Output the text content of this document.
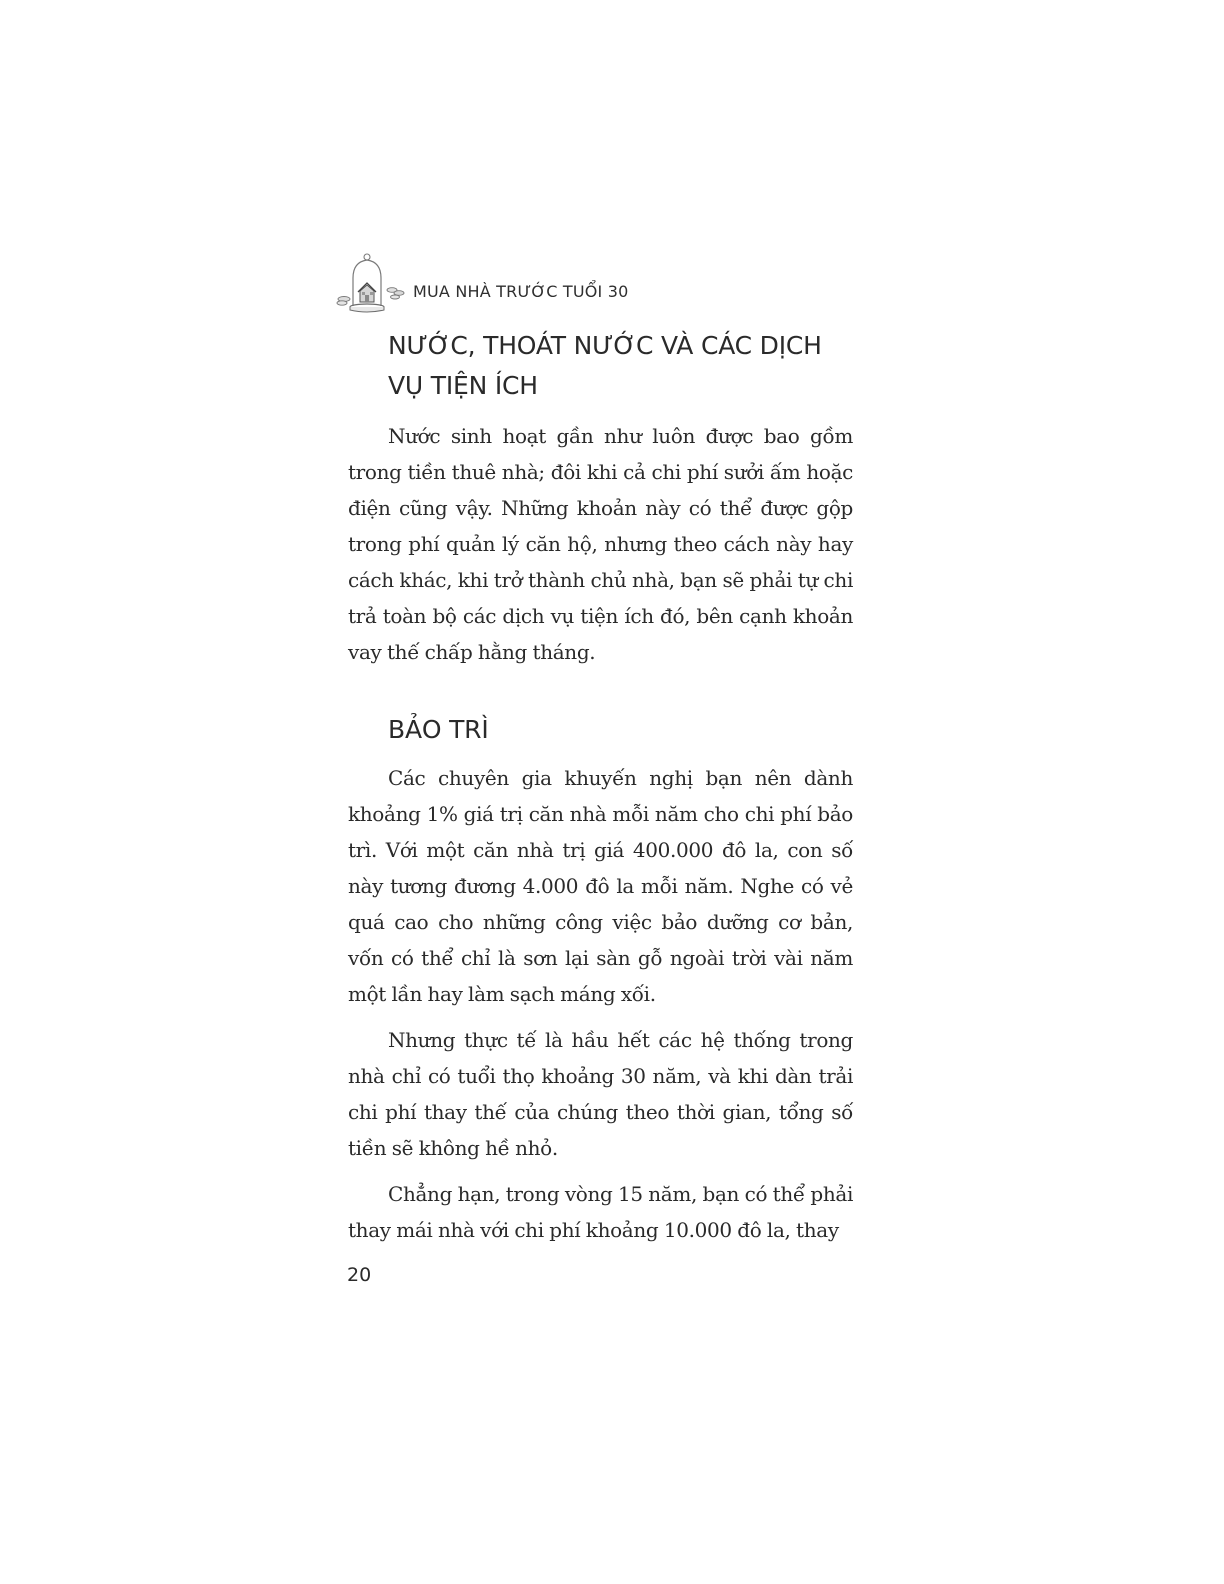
MUA NHÀ TRƯỚC TUỔI 30
NƯỚC, THOÁT NƯỚC VÀ CÁC DỊCH VỤ TIỆN ÍCH

Nước sinh hoạt gần như luôn được bao gồm trong tiền thuê nhà; đôi khi cả chi phí sưởi ấm hoặc điện cũng vậy. Những khoản này có thể được gộp trong phí quản lý căn hộ, nhưng theo cách này hay cách khác, khi trở thành chủ nhà, bạn sẽ phải tự chi trả toàn bộ các dịch vụ tiện ích đó, bên cạnh khoản vay thế chấp hằng tháng.

BẢO TRÌ

Các chuyên gia khuyến nghị bạn nên dành khoảng 1% giá trị căn nhà mỗi năm cho chi phí bảo trì. Với một căn nhà trị giá 400.000 đô la, con số này tương đương 4.000 đô la mỗi năm. Nghe có vẻ quá cao cho những công việc bảo dưỡng cơ bản, vốn có thể chỉ là sơn lại sàn gỗ ngoài trời vài năm một lần hay làm sạch máng xối.

Nhưng thực tế là hầu hết các hệ thống trong nhà chỉ có tuổi thọ khoảng 30 năm, và khi dàn trải chi phí thay thế của chúng theo thời gian, tổng số tiền sẽ không hề nhỏ.

Chẳng hạn, trong vòng 15 năm, bạn có thể phải thay mái nhà với chi phí khoảng 10.000 đô la, thay

20
